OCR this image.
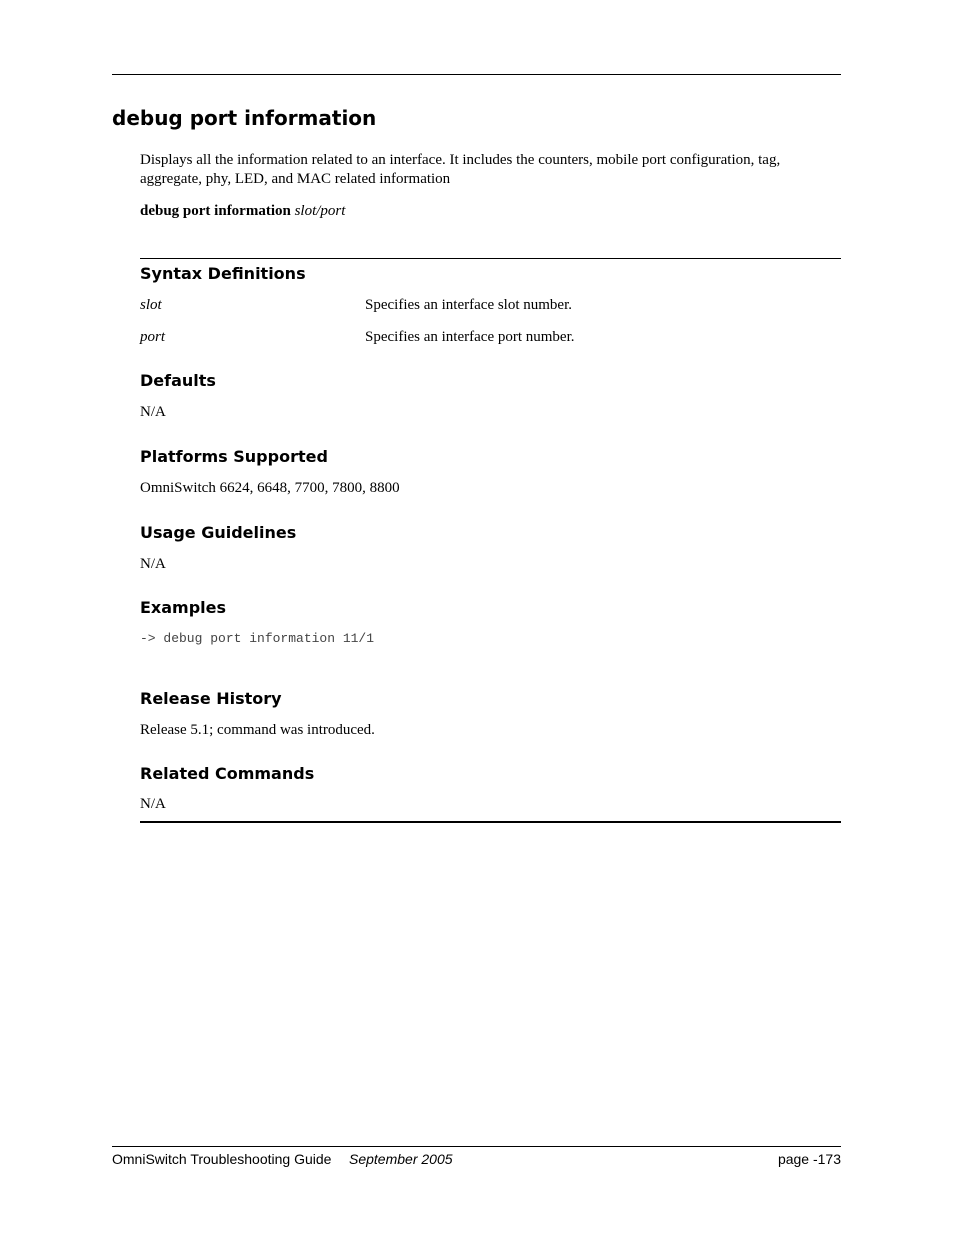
debug port information
Displays all the information related to an interface. It includes the counters, mobile port configuration, tag, aggregate, phy, LED, and MAC related information
debug port information slot/port
Syntax Definitions
slot	Specifies an interface slot number.
port	Specifies an interface port number.
Defaults
N/A
Platforms Supported
OmniSwitch 6624, 6648, 7700, 7800, 8800
Usage Guidelines
N/A
Examples
-> debug port information 11/1
Release History
Release 5.1; command was introduced.
Related Commands
N/A
OmniSwitch Troubleshooting Guide September 2005	page -173
